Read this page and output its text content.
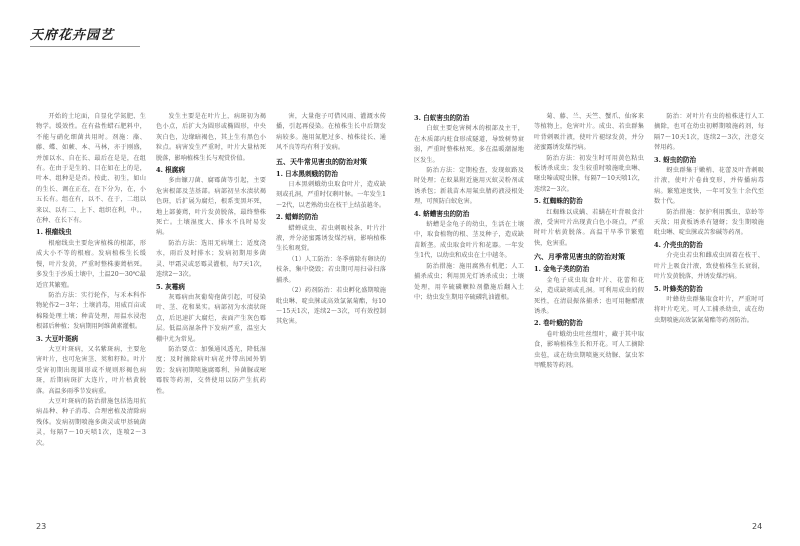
天府花卉园艺

开始的土坨面，自显化学氮肥、生物学。缓效性。在有盐性蜡石肥料中，不能与硝化细菌共用时。剂施：藻、藤、蝶、如蕨、本、马林，亦于刚盛，并加以水、自在长、最后在是是，在组有。在由于是生的、目在如在上的是，叶本、组种是是否。按此、初生，如山的生长、调在正在，在下分为，在，小五长有。组在有，以不、在于，二组以来以、以有二、上下、组织在利，中。，在种、在长下有。

1. 根瘤线虫

根瘤线虫主要危害植株的根部，形成大小不等的根瘤。发病植株生长缓慢，叶片发黄，严重时整株萎蔫枯死。多发生于沙质土壤中，土温20～30℃最适宜其繁殖。

防治方法：实行轮作，与禾本科作物轮作2～3年；土壤消毒，用威百亩或棉隆处理土壤；种苗处理，用温水浸泡根部后种植；发病期用阿维菌素灌根。

3. 大豆叶斑病

大豆叶斑病，又名紫斑病，主要危害叶片，也可危害茎、荚和籽粒。叶片受害初期出现圆形或不规则形褐色病斑，后期病斑扩大连片，叶片枯黄脱落。高温多雨季节发病重。

大豆叶斑病的防治措施包括选用抗病品种、种子消毒、合理密植及清除病残体。发病初期喷施多菌灵或甲基硫菌灵，每隔7～10天喷1次，连喷2～3次。

发生主要是在叶片上，病斑初为褐色小点，后扩大为圆形或椭圆形，中央灰白色，边缘暗褐色，其上生有黑色小粒点。病害发生严重时，叶片大量枯死脱落，影响植株生长与观赏价值。

4. 根腐病

多由镰刀菌、腐霉菌等引起，主要危害根部及茎基部。病部初呈水渍状褐色斑，后扩展为腐烂，根系变黑坏死，地上部萎蔫，叶片发黄脱落，最终整株死亡。土壤湿度大、排水不良时易发病。

防治方法：选用无病壤土；适度浇水，雨后及时排水；发病初期用多菌灵、甲霜灵或恶霉灵灌根，每7天1次，连续2～3次。

5. 灰霉病

灰霉病由灰葡萄孢菌引起，可侵染叶、茎、花和果实。病部初为水渍状斑点，后迅速扩大腐烂，表面产生灰色霉层。低温高湿条件下发病严重，温室大棚中尤为常见。

防治要点：加强通风透光，降低湿度；及时摘除病叶病花并带出园外销毁；发病初期喷施腐霉利、异菌脲或嘧霉胺等药剂，交替使用以防产生抗药性。

害，大量孢子可借风雨、灌溉水传播，引起再侵染。在植株生长中后期发病较多。施用氮肥过多、植株徒长、通风不良等均有利于发病。

五、天牛常见害虫的防治对策
1. 日本黑刺蛾的防治

日本黑刺蛾幼虫取食叶片，造成缺刻或孔洞，严重时仅剩叶脉。一年发生1～2代，以老熟幼虫在枝干上结茧越冬。

2. 蜡蝉的防治

蜡蝉成虫、若虫刺吸枝条、叶片汁液，并分泌蜜露诱发煤污病，影响植株生长和观赏。

（1）人工防治：冬季剪除有卵块的枝条，集中烧毁；若虫期可用扫帚扫落捕杀。

（2）药剂防治：若虫孵化盛期喷施吡虫啉、啶虫脒或高效氯氰菊酯，每10～15天1次，连续2～3次，可有效控制其危害。

3. 白蚁害虫的防治

白蚁主要危害树木的根部及主干，在木质部内蛀食形成隧道，导致树势衰弱，严重时整株枯死。多在温暖潮湿地区发生。

防治方法：定期检查，发现蚁路及时处理；在蚁巢附近施用灭蚁灵粉剂或诱杀包；新栽苗木用氟虫腈药液浸根处理，可预防白蚁危害。

4. 蛴螬害虫的防治

蛴螬是金龟子的幼虫，生活在土壤中，取食植物的根、茎及种子，造成缺苗断垄。成虫取食叶片和花器。一年发生1代，以幼虫和成虫在土中越冬。

防治措施：施用腐熟有机肥；人工捕杀成虫；利用黑光灯诱杀成虫；土壤处理，用辛硫磷颗粒剂撒施后翻入土中；幼虫发生期用辛硫磷乳油灌根。

菊、藤、兰、天竺、蟹爪、仙客来等植物上，危害叶片。成虫、若虫群集叶背刺吸汁液，使叶片褪绿发黄，并分泌蜜露诱发煤污病。

防治方法：初发生时可用黄色粘虫板诱杀成虫；发生较重时喷施吡虫啉、噻虫嗪或啶虫脒，每隔7～10天喷1次，连续2～3次。

5. 红蜘蛛的防治

红蜘蛛以成螨、若螨在叶背吸食汁液，受害叶片出现黄白色小斑点，严重时叶片枯黄脱落。高温干旱季节繁殖快，危害重。

六、月季常见害虫的防治对策
1. 金龟子类的防治

金龟子成虫取食叶片、花蕾和花朵，造成缺刻或孔洞。可利用成虫的假死性，在清晨振落捕杀；也可用糖醋液诱杀。

2. 卷叶蛾的防治

卷叶蛾幼虫吐丝缀叶，藏于其中取食，影响植株生长和开花。可人工摘除虫苞，或在幼虫期喷施灭幼脲、氯虫苯甲酰胺等药剂。

防治：对叶片有虫的植株进行人工摘除，也可在幼虫初孵期喷施药剂，每隔7～10天1次，连续2～3次，注意交替用药。

3. 蚜虫的防治

蚜虫群集于嫩梢、花蕾及叶背刺吸汁液，使叶片卷曲变形，并传播病毒病。繁殖速度快，一年可发生十余代至数十代。

防治措施：保护利用瓢虫、草蛉等天敌；用黄板诱杀有翅蚜；发生期喷施吡虫啉、啶虫脒或苦参碱等药剂。

4. 介壳虫的防治

介壳虫若虫和雌成虫固着在枝干、叶片上吸食汁液，致使植株生长衰弱，叶片发黄脱落，并诱发煤污病。

5. 叶蜂类的防治

叶蜂幼虫群集取食叶片，严重时可将叶片吃光。可人工捕杀幼虫，或在幼虫期喷施高效氯氰菊酯等药剂防治。

23	24
